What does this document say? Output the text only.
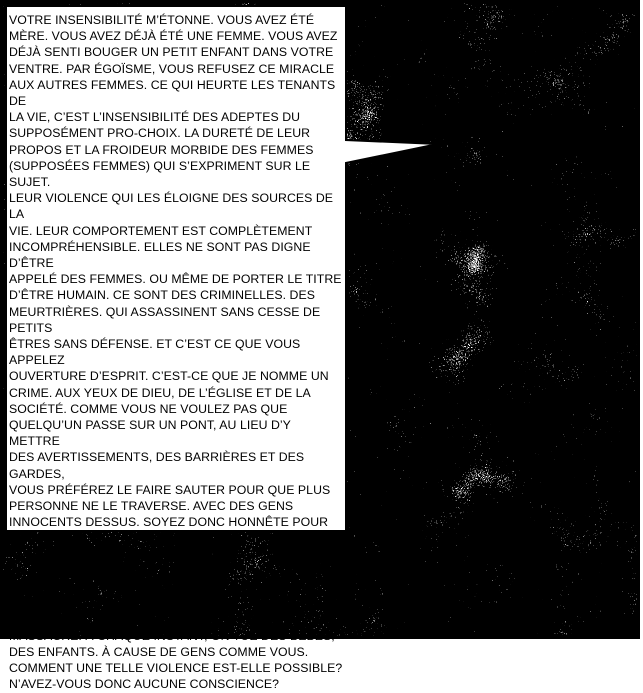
VOTRE INSENSIBILITÉ M’ÉTONNE. VOUS AVEZ ÉTÉ
MÈRE. VOUS AVEZ DÉJÀ ÉTÉ UNE FEMME. VOUS AVEZ
DÉJÀ SENTI BOUGER UN PETIT ENFANT DANS VOTRE
VENTRE. PAR ÉGOÏSME, VOUS REFUSEZ CE MIRACLE
AUX AUTRES FEMMES. CE QUI HEURTE LES TENANTS DE
LA VIE, C’EST L’INSENSIBILITÉ DES ADEPTES DU
SUPPOSÉMENT PRO-CHOIX. LA DURETÉ DE LEUR
PROPOS ET LA FROIDEUR MORBIDE DES FEMMES
(SUPPOSÉES FEMMES) QUI S’EXPRIMENT SUR LE SUJET.
LEUR VIOLENCE QUI LES ÉLOIGNE DES SOURCES DE LA
VIE. LEUR COMPORTEMENT EST COMPLÈTEMENT
INCOMPRÉHENSIBLE. ELLES NE SONT PAS DIGNE D’ÊTRE
APPELÉ DES FEMMES. OU MÊME DE PORTER LE TITRE
D’ÊTRE HUMAIN. CE SONT DES CRIMINELLES. DES
MEURTRIÈRES. QUI ASSASSINENT SANS CESSE DE PETITS
ÊTRES SANS DÉFENSE. ET C’EST CE QUE VOUS APPELEZ
OUVERTURE D’ESPRIT. C’EST-CE QUE JE NOMME UN
CRIME. AUX YEUX DE DIEU, DE L’ÉGLISE ET DE LA
SOCIÉTÉ. COMME VOUS NE VOULEZ PAS QUE
QUELQU’UN PASSE SUR UN PONT, AU LIEU D’Y METTRE
DES AVERTISSEMENTS, DES BARRIÈRES ET DES GARDES,
VOUS PRÉFÉREZ LE FAIRE SAUTER POUR QUE PLUS
PERSONNE NE LE TRAVERSE. AVEC DES GENS
INNOCENTS DESSUS. SOYEZ DONC HONNÊTE POUR UNE
FOIS. COMMENT CROIRE À VOTRE SENSIBILITÉ QUAND
VOUS SALUEZ COMME UNE VICTOIRE CE CARNAGE SUR
NOS ENFANTS? TOUS LES JOURS, JE PLEURE SUR CE
MASSACRE. À CHAQUE INSTANT, ON TUE DES BÉBÉS,
DES ENFANTS. À CAUSE DE GENS COMME VOUS.
COMMENT UNE TELLE VIOLENCE EST-ELLE POSSIBLE?
N’AVEZ-VOUS DONC AUCUNE CONSCIENCE?
